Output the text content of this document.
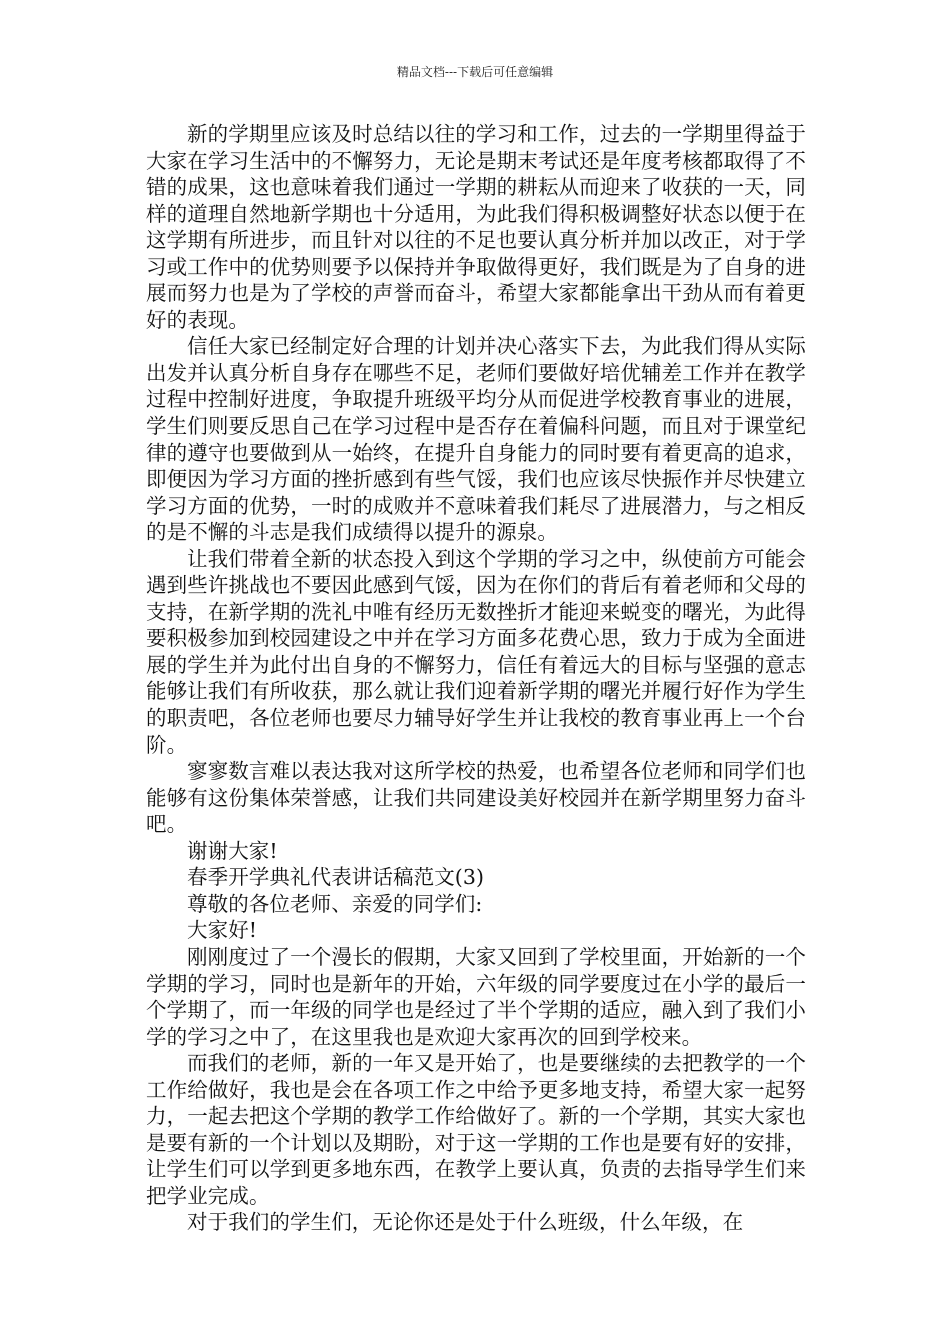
精品文档---下载后可任意编辑

新的学期里应该及时总结以往的学习和工作，过去的一学期里得益于大家在学习生活中的不懈努力，无论是期末考试还是年度考核都取得了不错的成果，这也意味着我们通过一学期的耕耘从而迎来了收获的一天，同样的道理自然地新学期也十分适用，为此我们得积极调整好状态以便于在这学期有所进步，而且针对以往的不足也要认真分析并加以改正，对于学习或工作中的优势则要予以保持并争取做得更好，我们既是为了自身的进展而努力也是为了学校的声誉而奋斗，希望大家都能拿出干劲从而有着更好的表现。

信任大家已经制定好合理的计划并决心落实下去，为此我们得从实际出发并认真分析自身存在哪些不足，老师们要做好培优辅差工作并在教学过程中控制好进度，争取提升班级平均分从而促进学校教育事业的进展，学生们则要反思自己在学习过程中是否存在着偏科问题，而且对于课堂纪律的遵守也要做到从一始终，在提升自身能力的同时要有着更高的追求，即便因为学习方面的挫折感到有些气馁，我们也应该尽快振作并尽快建立学习方面的优势，一时的成败并不意味着我们耗尽了进展潜力，与之相反的是不懈的斗志是我们成绩得以提升的源泉。

让我们带着全新的状态投入到这个学期的学习之中，纵使前方可能会遇到些许挑战也不要因此感到气馁，因为在你们的背后有着老师和父母的支持，在新学期的洗礼中唯有经历无数挫折才能迎来蜕变的曙光，为此得要积极参加到校园建设之中并在学习方面多花费心思，致力于成为全面进展的学生并为此付出自身的不懈努力，信任有着远大的目标与坚强的意志能够让我们有所收获，那么就让我们迎着新学期的曙光并履行好作为学生的职责吧，各位老师也要尽力辅导好学生并让我校的教育事业再上一个台阶。

寥寥数言难以表达我对这所学校的热爱，也希望各位老师和同学们也能够有这份集体荣誉感，让我们共同建设美好校园并在新学期里努力奋斗吧。

谢谢大家!

春季开学典礼代表讲话稿范文(3)

尊敬的各位老师、亲爱的同学们:

大家好!

刚刚度过了一个漫长的假期，大家又回到了学校里面，开始新的一个学期的学习，同时也是新年的开始，六年级的同学要度过在小学的最后一个学期了，而一年级的同学也是经过了半个学期的适应，融入到了我们小学的学习之中了，在这里我也是欢迎大家再次的回到学校来。

而我们的老师，新的一年又是开始了，也是要继续的去把教学的一个工作给做好，我也是会在各项工作之中给予更多地支持，希望大家一起努力，一起去把这个学期的教学工作给做好了。新的一个学期，其实大家也是要有新的一个计划以及期盼，对于这一学期的工作也是要有好的安排，让学生们可以学到更多地东西，在教学上要认真，负责的去指导学生们来把学业完成。

对于我们的学生们，无论你还是处于什么班级，什么年级，在
